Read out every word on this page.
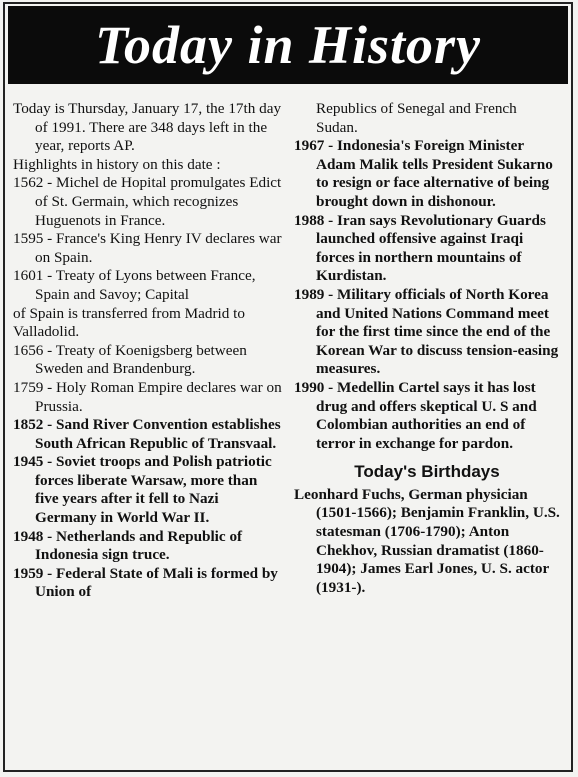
Today in History

Today is Thursday, January 17, the 17th day of 1991. There are 348 days left in the year, reports AP.

Highlights in history on this date :

1562 - Michel de Hopital promulgates Edict of St. Germain, which recognizes Huguenots in France.

1595 - France's King Henry IV declares war on Spain.

1601 - Treaty of Lyons between France, Spain and Savoy; Capital

of Spain is transferred from Madrid to Valladolid.

1656 - Treaty of Koenigsberg between Sweden and Brandenburg.

1759 - Holy Roman Empire declares war on Prussia.

1852 - Sand River Convention establishes South African Republic of Transvaal.

1945 - Soviet troops and Polish patriotic forces liberate Warsaw, more than five years after it fell to Nazi Germany in World War II.

1948 - Netherlands and Republic of Indonesia sign truce.

1959 - Federal State of Mali is formed by Union of

Republics of Senegal and French Sudan.

1967 - Indonesia's Foreign Minister Adam Malik tells President Sukarno to resign or face alternative of being brought down in dishonour.

1988 - Iran says Revolutionary Guards launched offensive against Iraqi forces in northern mountains of Kurdistan.

1989 - Military officials of North Korea and United Nations Command meet for the first time since the end of the Korean War to discuss tension-easing measures.

1990 - Medellin Cartel says it has lost drug and offers skeptical U. S and Colombian authorities an end of terror in exchange for pardon.

Today's Birthdays

Leonhard Fuchs, German physician (1501-1566); Benjamin Franklin, U.S. statesman (1706-1790); Anton Chekhov, Russian dramatist (1860-1904); James Earl Jones, U. S. actor (1931-).
